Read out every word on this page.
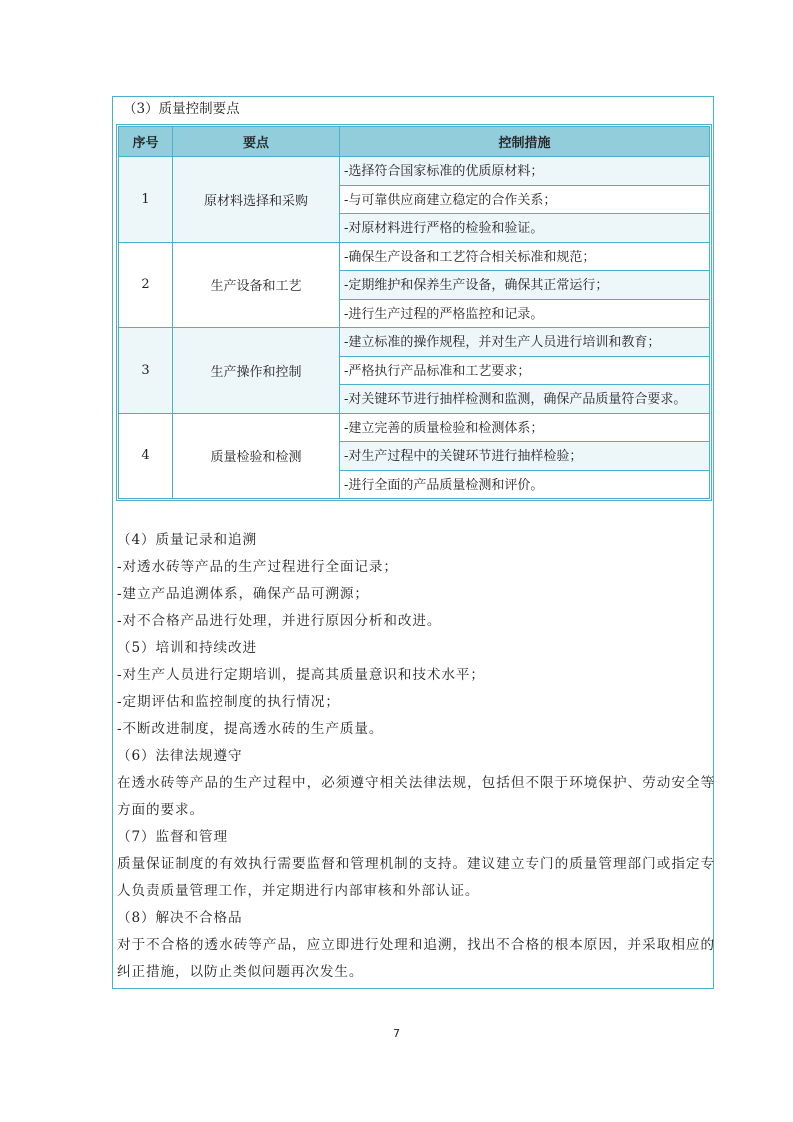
（3）质量控制要点
序号	要点	控制措施
1	原材料选择和采购	-选择符合国家标准的优质原材料；
		-与可靠供应商建立稳定的合作关系；
		-对原材料进行严格的检验和验证。
2	生产设备和工艺	-确保生产设备和工艺符合相关标准和规范；
		-定期维护和保养生产设备，确保其正常运行；
		-进行生产过程的严格监控和记录。
3	生产操作和控制	-建立标准的操作规程，并对生产人员进行培训和教育；
		-严格执行产品标准和工艺要求；
		-对关键环节进行抽样检测和监测，确保产品质量符合要求。
4	质量检验和检测	-建立完善的质量检验和检测体系；
		-对生产过程中的关键环节进行抽样检验；
		-进行全面的产品质量检测和评价。

（4）质量记录和追溯

-对透水砖等产品的生产过程进行全面记录；

-建立产品追溯体系，确保产品可溯源；

-对不合格产品进行处理，并进行原因分析和改进。

（5）培训和持续改进

-对生产人员进行定期培训，提高其质量意识和技术水平；

-定期评估和监控制度的执行情况；

-不断改进制度，提高透水砖的生产质量。

（6）法律法规遵守

在透水砖等产品的生产过程中，必须遵守相关法律法规，包括但不限于环境保护、劳动安全等方面的要求。

（7）监督和管理

质量保证制度的有效执行需要监督和管理机制的支持。建议建立专门的质量管理部门或指定专人负责质量管理工作，并定期进行内部审核和外部认证。

（8）解决不合格品

对于不合格的透水砖等产品，应立即进行处理和追溯，找出不合格的根本原因，并采取相应的纠正措施，以防止类似问题再次发生。

7
